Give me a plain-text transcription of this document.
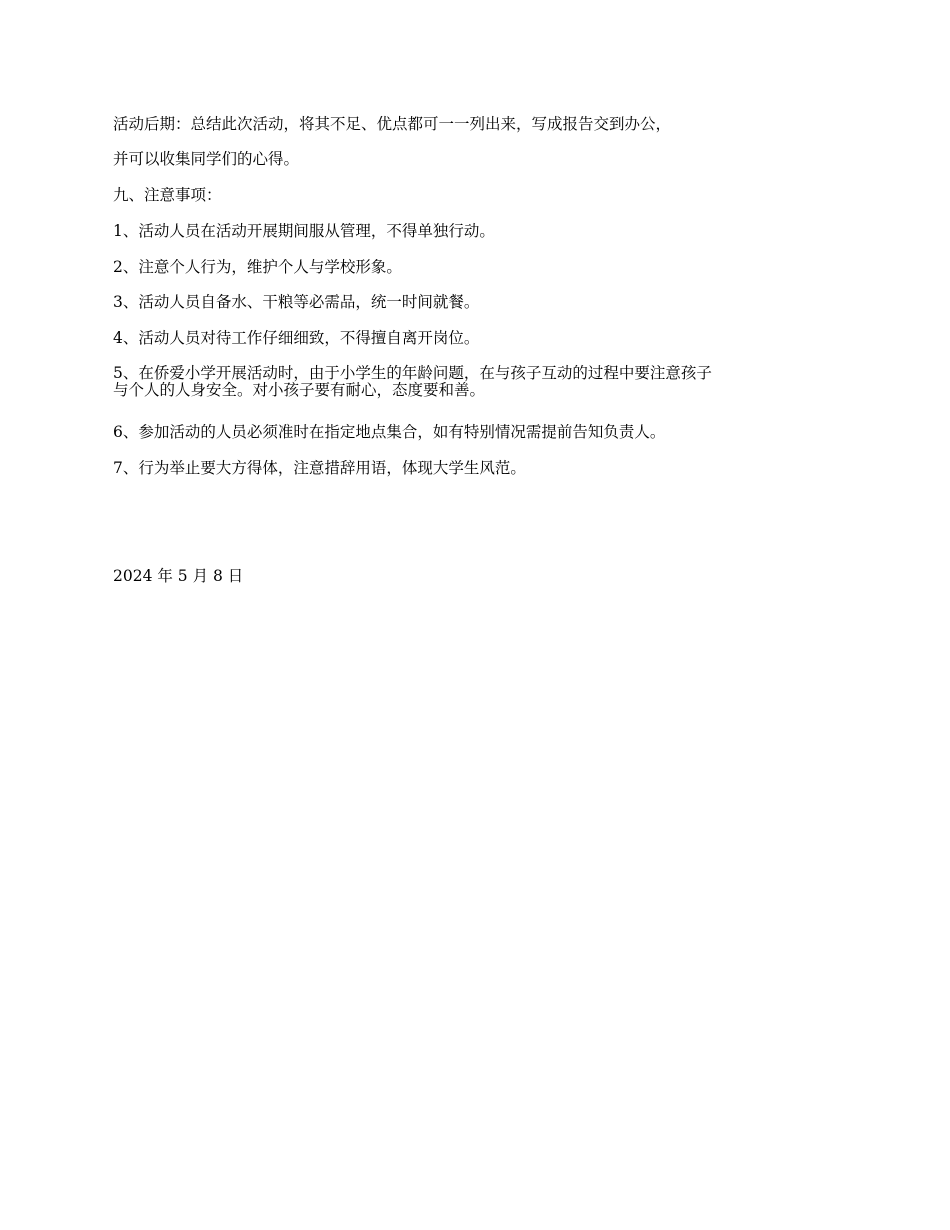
活动后期：总结此次活动，将其不足、优点都可一一列出来，写成报告交到办公，
并可以收集同学们的心得。
九、注意事项：
1、活动人员在活动开展期间服从管理，不得单独行动。
2、注意个人行为，维护个人与学校形象。
3、活动人员自备水、干粮等必需品，统一时间就餐。
4、活动人员对待工作仔细细致，不得擅自离开岗位。
5、在侨爱小学开展活动时，由于小学生的年龄问题，在与孩子互动的过程中要注意孩子
与个人的人身安全。对小孩子要有耐心，态度要和善。
6、参加活动的人员必须准时在指定地点集合，如有特别情况需提前告知负责人。
7、行为举止要大方得体，注意措辞用语，体现大学生风范。
2024 年 5 月 8 日
